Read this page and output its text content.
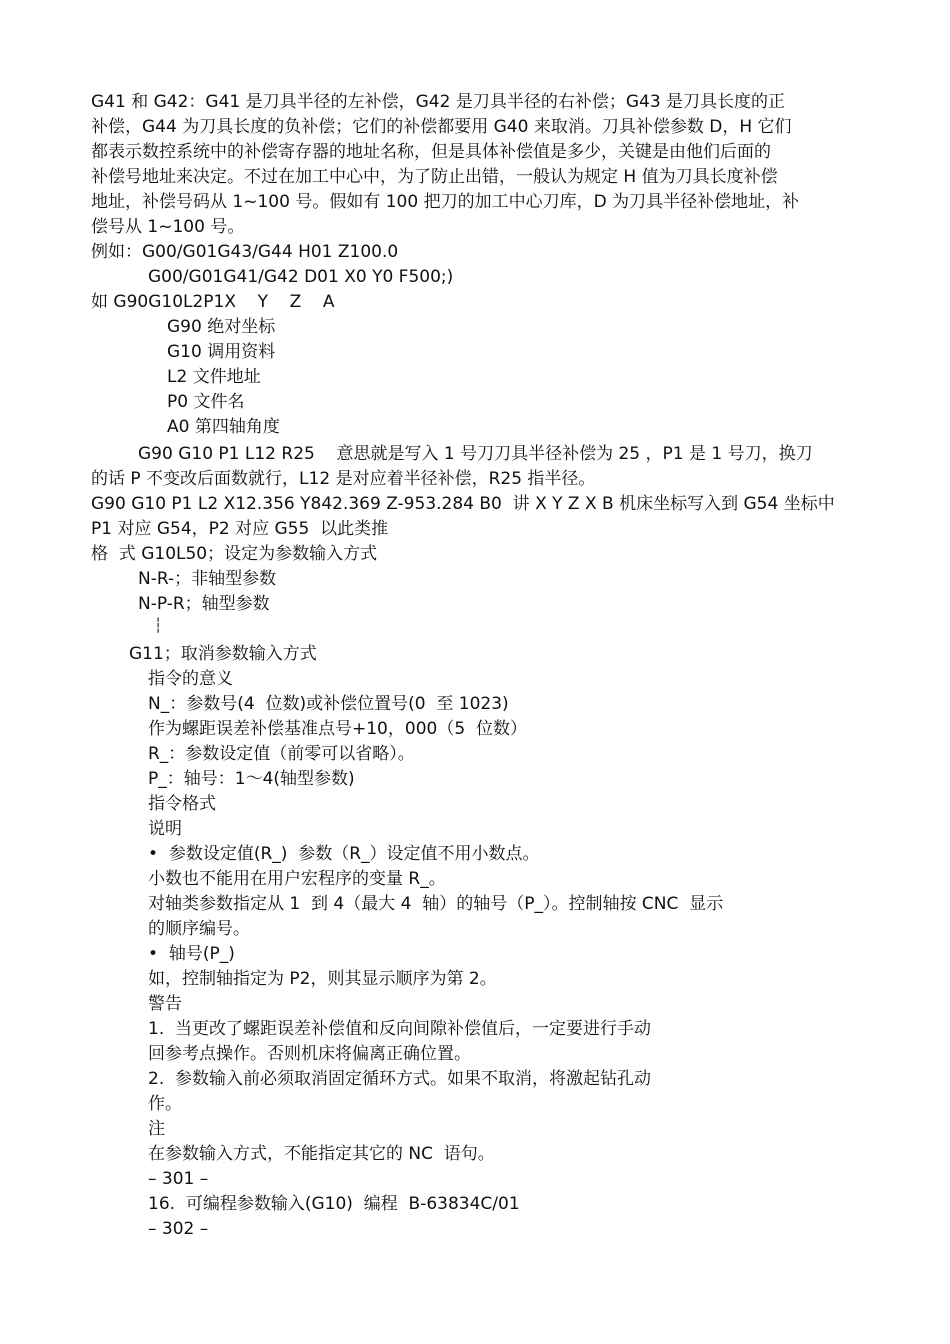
G41 和 G42：G41 是刀具半径的左补偿，G42 是刀具半径的右补偿；G43 是刀具长度的正
补偿，G44 为刀具长度的负补偿；它们的补偿都要用 G40 来取消。刀具补偿参数 D，H 它们
都表示数控系统中的补偿寄存器的地址名称，但是具体补偿值是多少，关键是由他们后面的
补偿号地址来决定。不过在加工中心中，为了防止出错，一般认为规定 H 值为刀具长度补偿
地址，补偿号码从 1~100 号。假如有 100 把刀的加工中心刀库，D 为刀具半径补偿地址，补
偿号从 1~100 号。
例如：G00/G01G43/G44 H01 Z100.0
G00/G01G41/G42 D01 X0 Y0 F500;)
如 G90G10L2P1X    Y    Z    A
G90 绝对坐标
G10 调用资料
L2 文件地址
P0 文件名
A0 第四轴角度
G90 G10 P1 L12 R25    意思就是写入 1 号刀刀具半径补偿为 25 ，P1 是 1 号刀，换刀
的话 P 不变改后面数就行，L12 是对应着半径补偿，R25 指半径。
G90 G10 P1 L2 X12.356 Y842.369 Z-953.284 B0  讲 X Y Z X B 机床坐标写入到 G54 坐标中
P1 对应 G54，P2 对应 G55  以此类推
格  式 G10L50；设定为参数输入方式
N-R-；非轴型参数
N-P-R；轴型参数
┆
G11；取消参数输入方式
指令的意义
N_：参数号(4  位数)或补偿位置号(0  至 1023)
作为螺距误差补偿基准点号+10，000（5  位数）
R_：参数设定值（前零可以省略）。
P_：轴号：1～4(轴型参数)
指令格式
说明
•  参数设定值(R_)  参数（R_）设定值不用小数点。
小数也不能用在用户宏程序的变量 R_。
对轴类参数指定从 1  到 4（最大 4  轴）的轴号（P_）。控制轴按 CNC  显示
的顺序编号。
•  轴号(P_)
如，控制轴指定为 P2，则其显示顺序为第 2。
警告
1.  当更改了螺距误差补偿值和反向间隙补偿值后，一定要进行手动
回参考点操作。否则机床将偏离正确位置。
2.  参数输入前必须取消固定循环方式。如果不取消，将激起钻孔动
作。
注
在参数输入方式，不能指定其它的 NC  语句。
– 301 –
16.  可编程参数输入(G10)  编程  B-63834C/01
– 302 –
